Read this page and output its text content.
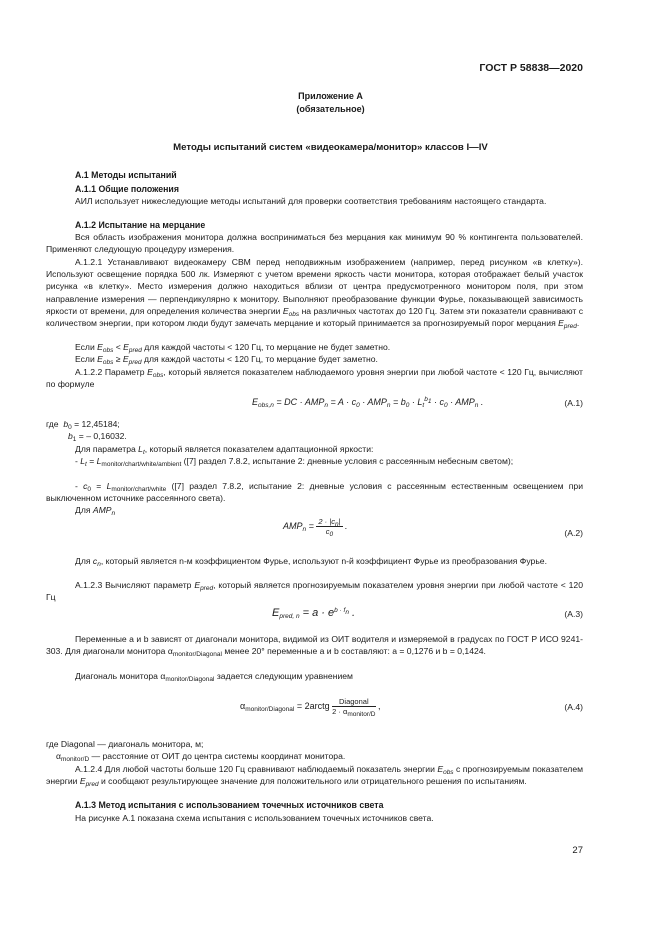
ГОСТ Р 58838—2020
Приложение А
(обязательное)
Методы испытаний систем «видеокамера/монитор» классов I—IV
А.1 Методы испытаний
А.1.1 Общие положения

АИЛ использует нижеследующие методы испытаний для проверки соответствия требованиям настоящего стандарта.

А.1.2 Испытание на мерцание

Вся область изображения монитора должна восприниматься без мерцания как минимум 90 % контингента пользователей. Применяют следующую процедуру измерения.

А.1.2.1 Устанавливают видеокамеру СВМ перед неподвижным изображением (например, перед рисунком «в клетку»). Используют освещение порядка 500 лк. Измеряют с учетом времени яркость части монитора, которая отображает белый участок рисунка «в клетку». Место измерения должно находиться вблизи от центра предусмотренного монитором поля, при этом направление измерения — перпендикулярно к монитору. Выполняют преобразование функции Фурье, показывающей зависимость яркости от времени, для определения количества энергии $E_{obs}$ на различных частотах до 120 Гц. Затем эти показатели сравнивают с количеством энергии, при котором люди будут замечать мерцание и который принимается за прогнозируемый порог мерцания $E_{pred}$.

Если $E_{obs} < E_{pred}$ для каждой частоты < 120 Гц, то мерцание не будет заметно.

Если $E_{obs} \ge E_{pred}$ для каждой частоты < 120 Гц, то мерцание будет заметно.

А.1.2.2 Параметр $E_{obs}$, который является показателем наблюдаемого уровня энергии при любой частоте < 120 Гц, вычисляют по формуле

$E_{obs,n}$ = DC · $AMP_n = A \cdot c_0 \cdot AMP_n = b_0 \cdot L_t^{b_1} \cdot c_0 \cdot AMP_n$ .	(А.1)

где $b_0 = 12,45184$;

$b_1$ = – 0,16032.

Для параметра $L_t$, который является показателем адаптационной яркости:

- $L_t = L_{monitor/chart/white/ambient}$ ([7] раздел 7.8.2, испытание 2: дневные условия с рассеянным небесным светом);

- $c_0 = L_{monitor/chart/white}$ ([7] раздел 7.8.2, испытание 2: дневные условия с рассеянным естественным освещением при выключенном источнике рассеянного света).

Для $AMP_n$

$AMP_n = \frac{2 \cdot |c_n|}{c_0}$ .
(А.2)

Для $c_n$, который является n-м коэффициентом Фурье, используют n-й коэффициент Фурье из преобразования Фурье.

А.1.2.3 Вычисляют параметр $E_{pred}$, который является прогнозируемым показателем уровня энергии при любой частоте < 120 Гц

$E_{pred, n} = a \cdot e^{b \cdot f_n}$ .	(А.3)

Переменные a и b зависят от диагонали монитора, видимой из ОИТ водителя и измеряемой в градусах по ГОСТ Р ИСО 9241-303. Для диагонали монитора $\alpha_{monitor/Diagonal}$ менее 20° переменные a и b составляют: a = 0,1276 и b = 0,1424.

Диагональ монитора $\alpha_{monitor/Diagonal}$ задается следующим уравнением

$\alpha_{monitor/Diagonal}$ = 2arctg $\frac{\text{Diagonal}}{2 \cdot \alpha_{monitor/D}}$ ,	(А.4)

где Diagonal — диагональ монитора, м;

$\alpha_{monitor/D}$ — расстояние от ОИТ до центра системы координат монитора.

А.1.2.4 Для любой частоты больше 120 Гц сравнивают наблюдаемый показатель энергии $E_{obs}$ с прогнозируемым показателем энергии $E_{pred}$ и сообщают результирующее значение для положительного или отрицательного решения по испытаниям.

А.1.3 Метод испытания с использованием точечных источников света

На рисунке А.1 показана схема испытания с использованием точечных источников света.

27
